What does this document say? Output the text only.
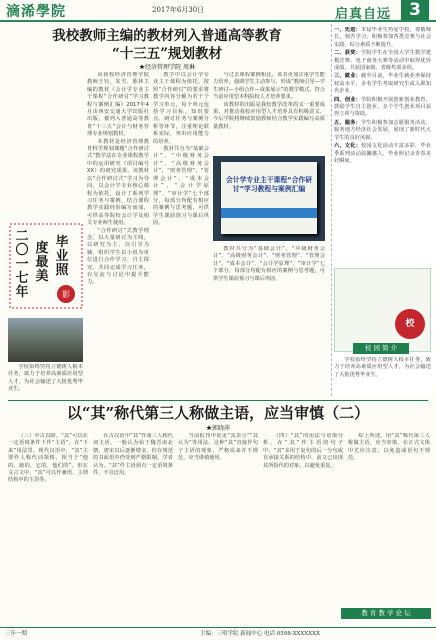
滴浠學院	2017年6月30日	启真自远	3
我校教师主编的教材列入普通高等教育
“十三五”规划教材
★经济管理学院 周琳

由我校经济管理学院教师王钰、朱雪、陈林主编的教材《会计学专业主干课程“合作研讨”学习教程与案例汇编》2017年4月由西安交通大学出版社出版，被列入普通高等教育“十三五”会计与财务管理专业规划教材。

本教材是经济管理教育科学规划课题“合作研讨式”教学法在专业课程教学中的运用研究（项目编号XX）的研究成果。该教材以“合作研讨式”学习为导向，以会计学专业核心课程为依托，设计了系列学习任务与案例，结合课程教学实践经验编写而成，可供高等院校会计学及相关专业师生使用。

“合作研讨”式教学理念，以大量研讨为主线，以研究为主，以引导为辅，组织学生以小组为单位进行合作学习、自主探究，共同完成学习任务，在交流与讨论中提升能力。

教学中以会计学专业主干课程为依托，按照“合作研讨”的要求将教学内容分解为若干个学习单元，每个单元包括学习目标、知识要点、研讨任务与案例分析等环节，注重理论联系实际，突出应用能力的培养。

教材共分为“基础会计”、“中级财务会计”、“高级财务会计”、“财务管理”、“管理会计”、“成本会计”、“会计学原理”、“审计学”七个部分，每部分均配有相应的案例与思考题，可供学生课前预习与课后巩固。

与过去课程案例相比，该书更加注重学生能力培养，强调学生主动参与，形成“教师引导—学生研讨—小组合作—成果展示”的教学模式，符合当前应用型本科院校人才培养要求。

该教材的出版是我校教学改革的又一重要成果，对推动我校应用型人才培养具有积极意义。今后学院将继续鼓励教师结合教学实践编写高质量教材。

教材共分为“基础会计”、“中级财务会计”、“高级财务会计”、“财务管理”、“管理会计”、“成本会计”、“会计学原理”、“审计学”七个部分，每部分均配有相应的案例与思考题，可供学生课前预习与课后巩固。

会计学专业主干课程“合作研讨”学习教程与案例汇编
二
〇
一
七
年
度
最
美
毕
业
照
影

学校始终坚持立德树人根本任务，致力于培养高素质应用型人才，为社会输送了大批优秀毕业生。

一、先进：本届毕业生热爱学校，尊敬师长，刻苦学习，积极参加各类竞赛与社会实践，综合素质不断提升。

二、获奖：学院学生在全国大学生数学建模竞赛、电子商务大赛等活动中取得优异成绩，共获国家级、省级奖项多项。

三、就业：截至目前，毕业生就业率保持较高水平，多名学生考取研究生或入职知名企业。

四、创业：学院积极开展创新创业教育，鼓励学生自主创业，多个学生创业项目获得立项与资助。

五、服务：学生积极参加志愿服务活动，服务地方经济社会发展，展现了新时代大学生的良好风貌。

六、文化：校园文化活动丰富多彩，毕业季系列活动温馨感人，毕业照记录青春美好瞬间。

校
校 园 简 介

学校始终坚持立德树人根本任务，致力于培养高素质应用型人才，为社会输送了大批优秀毕业生。

以“其”称代第三人称做主语，应当审慎（二）
★郭晓萍

（三）中古以降，“其”可以在一定语境条件下作“主语”，在“下来”用法里。现代汉语中，“其”主要作人称代词领格，相当于“他的、她的、它的、他们的”。但在文言文中，“其”可以作兼语、主谓结构中的主语等。

在古汉语中“其”作第三人称代词主语，一般认为始于魏晋南北朝，唐宋以后逐渐增多，但在规范的书面语中仍受到严格限制。学者认为，“其”作主语须有一定语境条件，不宜泛用。

当前报刊中常见“其表示”“其认为”等用法，这种“其”直接作句子主语的现象，严格说来并不规范，应当谨慎使用。

（四）“其”的用法与语境分析。在“其”作主语的句子中，“其”多用于复句的后一分句或有承接关系的结构中，前文已出现其所指代的对象，以避免重复。

综上所述，用“其”称代第三人称做主语，应当审慎，在正式文体中尤应注意，以免造成语句不规范。

教 育 教 学 论 坛
三年一期	主编：三明学院 新闻中心 电话 0598-XXXXXXX
